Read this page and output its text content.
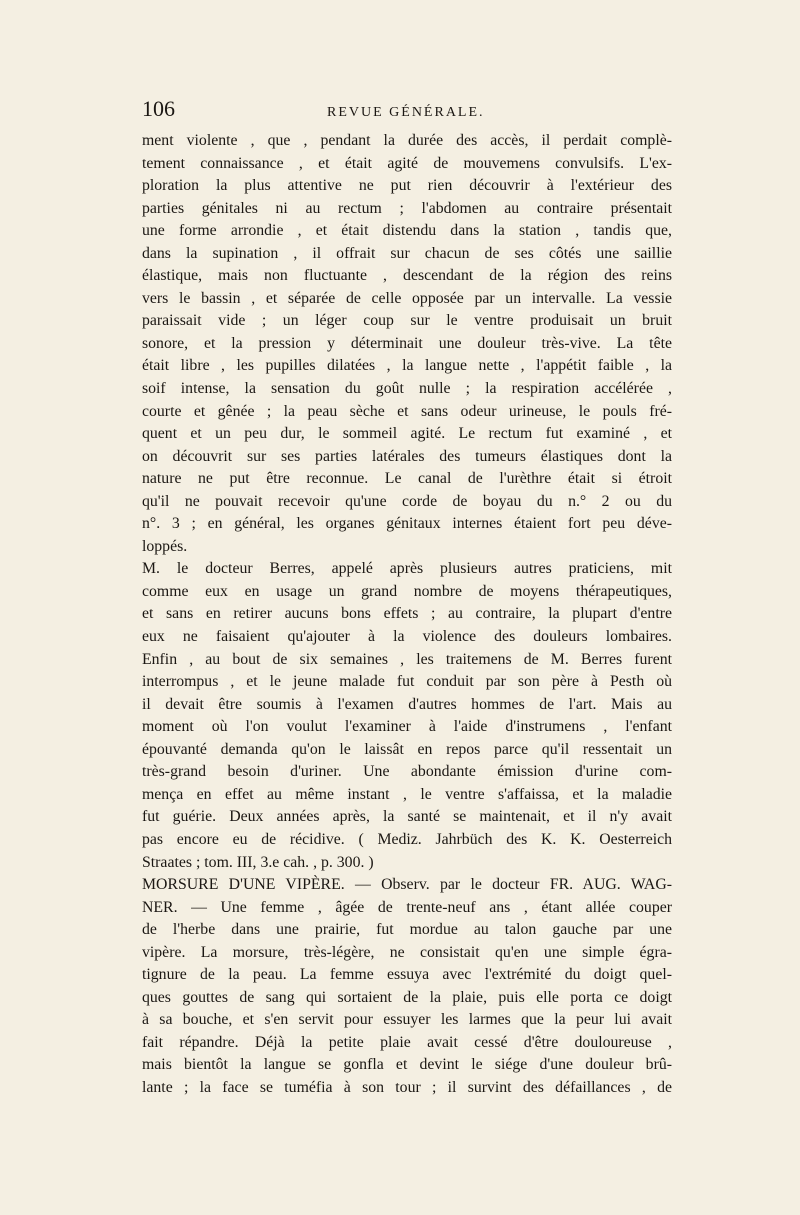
106	REVUE GÉNÉRALE.
ment violente , que , pendant la durée des accès, il perdait complè-
tement connaissance , et était agité de mouvemens convulsifs. L'ex-
ploration la plus attentive ne put rien découvrir à l'extérieur des
parties génitales ni au rectum ; l'abdomen au contraire présentait
une forme arrondie , et était distendu dans la station , tandis que,
dans la supination , il offrait sur chacun de ses côtés une saillie
élastique, mais non fluctuante , descendant de la région des reins
vers le bassin , et séparée de celle opposée par un intervalle. La vessie
paraissait vide ; un léger coup sur le ventre produisait un bruit
sonore, et la pression y déterminait une douleur très-vive. La tête
était libre , les pupilles dilatées , la langue nette , l'appétit faible , la
soif intense, la sensation du goût nulle ; la respiration accélérée ,
courte et gênée ; la peau sèche et sans odeur urineuse, le pouls fré-
quent et un peu dur, le sommeil agité. Le rectum fut examiné , et
on découvrit sur ses parties latérales des tumeurs élastiques dont la
nature ne put être reconnue. Le canal de l'urèthre était si étroit
qu'il ne pouvait recevoir qu'une corde de boyau du n.° 2 ou du
n°. 3 ; en général, les organes génitaux internes étaient fort peu déve-
loppés.
M. le docteur Berres, appelé après plusieurs autres praticiens, mit
comme eux en usage un grand nombre de moyens thérapeutiques,
et sans en retirer aucuns bons effets ; au contraire, la plupart d'entre
eux ne faisaient qu'ajouter à la violence des douleurs lombaires.
Enfin , au bout de six semaines , les traitemens de M. Berres furent
interrompus , et le jeune malade fut conduit par son père à Pesth où
il devait être soumis à l'examen d'autres hommes de l'art. Mais au
moment où l'on voulut l'examiner à l'aide d'instrumens , l'enfant
épouvanté demanda qu'on le laissât en repos parce qu'il ressentait un
très-grand besoin d'uriner. Une abondante émission d'urine com-
mença en effet au même instant , le ventre s'affaissa, et la maladie
fut guérie. Deux années après, la santé se maintenait, et il n'y avait
pas encore eu de récidive. ( Mediz. Jahrbüch des K. K. Oesterreich
Straates ; tom. III, 3.e cah. , p. 300. )
MORSURE D'UNE VIPÈRE. — Observ. par le docteur FR. AUG. WAG-
NER. — Une femme , âgée de trente-neuf ans , étant allée couper
de l'herbe dans une prairie, fut mordue au talon gauche par une
vipère. La morsure, très-légère, ne consistait qu'en une simple égra-
tignure de la peau. La femme essuya avec l'extrémité du doigt quel-
ques gouttes de sang qui sortaient de la plaie, puis elle porta ce doigt
à sa bouche, et s'en servit pour essuyer les larmes que la peur lui avait
fait répandre. Déjà la petite plaie avait cessé d'être douloureuse ,
mais bientôt la langue se gonfla et devint le siége d'une douleur brû-
lante ; la face se tuméfia à son tour ; il survint des défaillances , de
